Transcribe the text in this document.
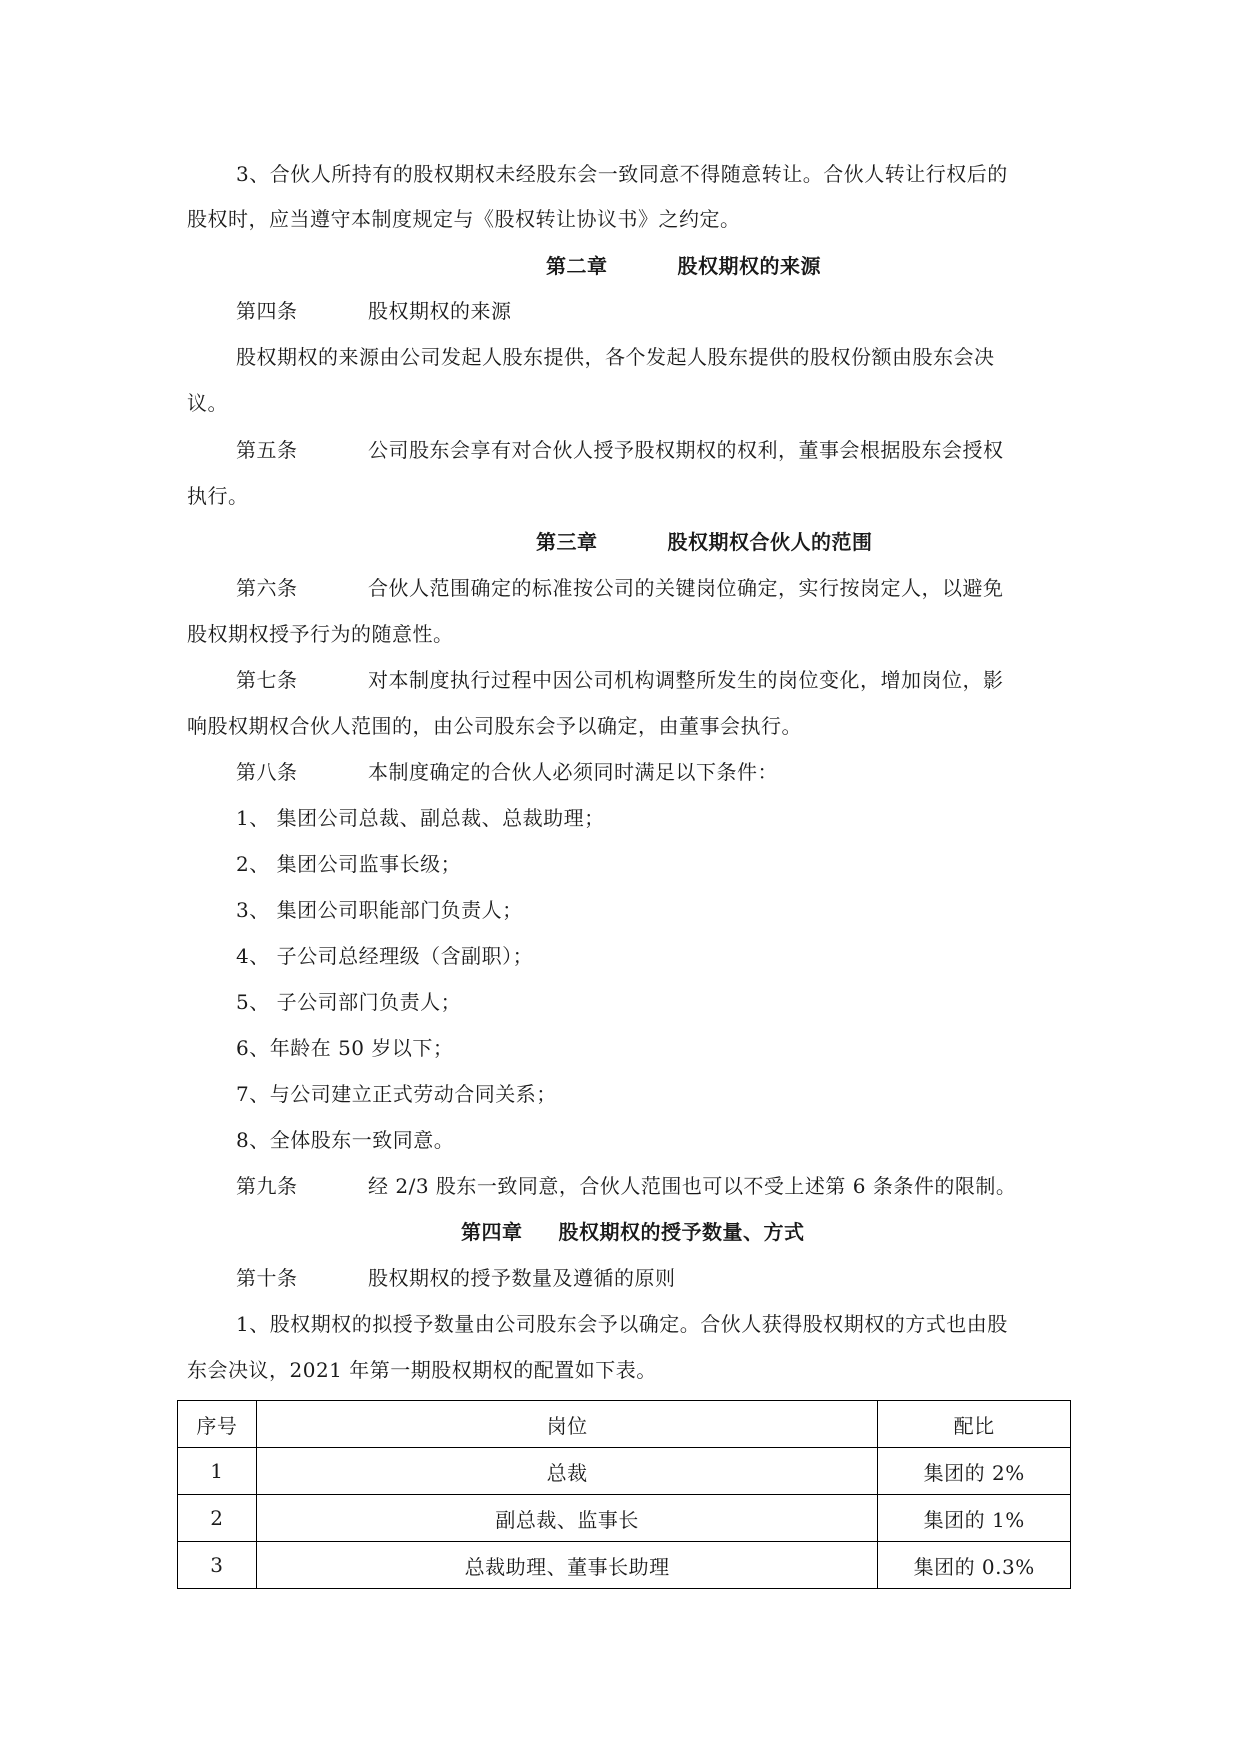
3、合伙人所持有的股权期权未经股东会一致同意不得随意转让。合伙人转让行权后的
股权时，应当遵守本制度规定与《股权转让协议书》之约定。
第二章	股权期权的来源
第四条	股权期权的来源
股权期权的来源由公司发起人股东提供，各个发起人股东提供的股权份额由股东会决
议。
第五条	公司股东会享有对合伙人授予股权期权的权利，董事会根据股东会授权
执行。
第三章	股权期权合伙人的范围
第六条	合伙人范围确定的标准按公司的关键岗位确定，实行按岗定人，以避免
股权期权授予行为的随意性。
第七条	对本制度执行过程中因公司机构调整所发生的岗位变化，增加岗位，影
响股权期权合伙人范围的，由公司股东会予以确定，由董事会执行。
第八条	本制度确定的合伙人必须同时满足以下条件：
1、 集团公司总裁、副总裁、总裁助理；
2、 集团公司监事长级；
3、 集团公司职能部门负责人；
4、 子公司总经理级（含副职）；
5、 子公司部门负责人；
6、年龄在 50 岁以下；
7、与公司建立正式劳动合同关系；
8、全体股东一致同意。
第九条	经 2/3 股东一致同意，合伙人范围也可以不受上述第 6 条条件的限制。
第四章 股权期权的授予数量、方式
第十条	股权期权的授予数量及遵循的原则
1、股权期权的拟授予数量由公司股东会予以确定。合伙人获得股权期权的方式也由股
东会决议，2021 年第一期股权期权的配置如下表。
序号	岗位	配比
1	总裁	集团的 2%
2	副总裁、监事长	集团的 1%
3	总裁助理、董事长助理	集团的 0.3%
